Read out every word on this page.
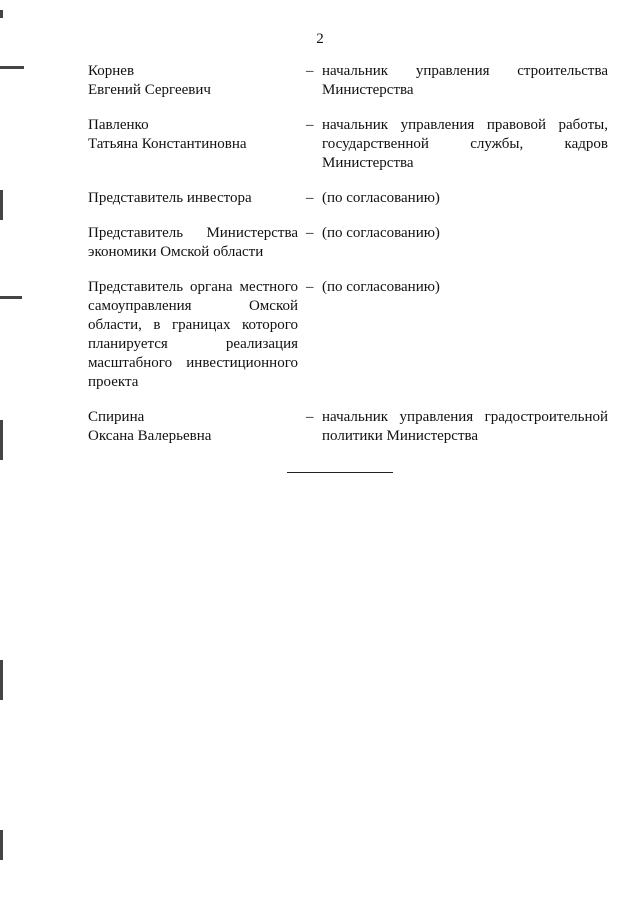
2
Корнев
Евгений Сергеевич
– начальник управления строительства Министерства
Павленко
Татьяна Константиновна
– начальник управления правовой работы, государственной службы, кадров Министерства
Представитель инвестора	– (по согласованию)
Представитель Министерства экономики Омской области
– (по согласованию)
Представитель органа местного самоуправления Омской области, в границах которого планируется реализация масштабного инвестиционного проекта
– (по согласованию)
Спирина
Оксана Валерьевна
– начальник управления градостроительной политики Министерства
